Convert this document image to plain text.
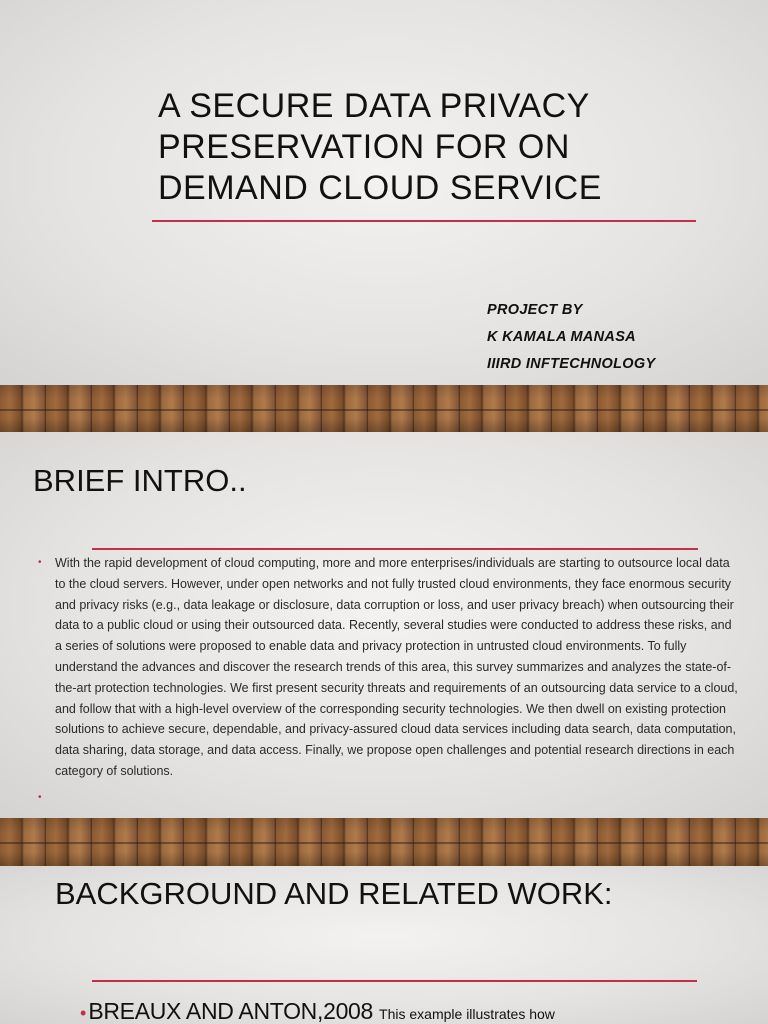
A SECURE DATA PRIVACY PRESERVATION FOR ON DEMAND CLOUD SERVICE
PROJECT BY
K KAMALA MANASA
IIIRD INFTECHNOLOGY
BRIEF INTRO..
• With the rapid development of cloud computing, more and more enterprises/individuals are starting to outsource local data to the cloud servers. However, under open networks and not fully trusted cloud environments, they face enormous security and privacy risks (e.g., data leakage or disclosure, data corruption or loss, and user privacy breach) when outsourcing their data to a public cloud or using their outsourced data. Recently, several studies were conducted to address these risks, and a series of solutions were proposed to enable data and privacy protection in untrusted cloud environments. To fully understand the advances and discover the research trends of this area, this survey summarizes and analyzes the state-of-the-art protection technologies. We first present security threats and requirements of an outsourcing data service to a cloud, and follow that with a high-level overview of the corresponding security technologies. We then dwell on existing protection solutions to achieve secure, dependable, and privacy-assured cloud data services including data search, data computation, data sharing, data storage, and data access. Finally, we propose open challenges and potential research directions in each category of solutions.
•
BACKGROUND AND RELATED WORK:
•BREAUX AND ANTON,2008 This example illustrates how
